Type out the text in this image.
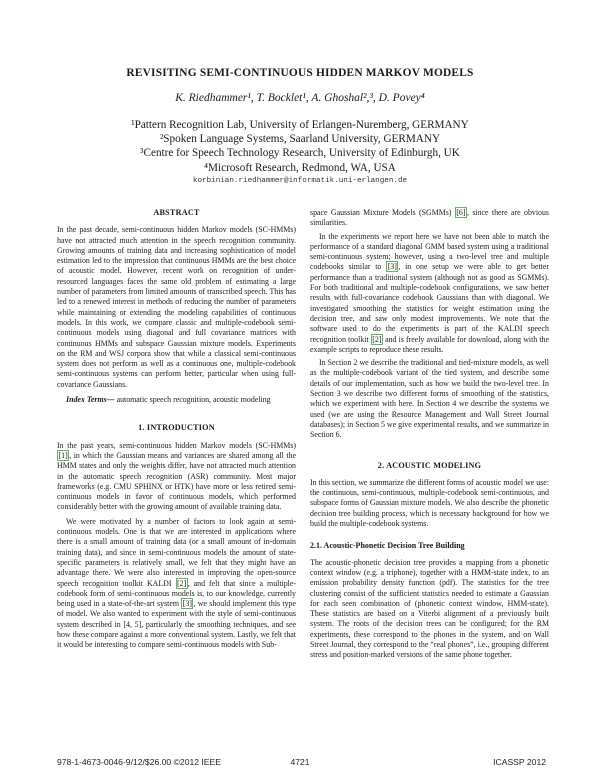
REVISITING SEMI-CONTINUOUS HIDDEN MARKOV MODELS
K. Riedhammer¹, T. Bocklet¹, A. Ghoshal²,³, D. Povey⁴
¹Pattern Recognition Lab, University of Erlangen-Nuremberg, GERMANY
²Spoken Language Systems, Saarland University, GERMANY
³Centre for Speech Technology Research, University of Edinburgh, UK
⁴Microsoft Research, Redmond, WA, USA
korbinian.riedhammer@informatik.uni-erlangen.de
ABSTRACT

In the past decade, semi-continuous hidden Markov models (SC-HMMs) have not attracted much attention in the speech recognition community. Growing amounts of training data and increasing sophistication of model estimation led to the impression that continuous HMMs are the best choice of acoustic model. However, recent work on recognition of under-resourced languages faces the same old problem of estimating a large number of parameters from limited amounts of transcribed speech. This has led to a renewed interest in methods of reducing the number of parameters while maintaining or extending the modeling capabilities of continuous models. In this work, we compare classic and multiple-codebook semi-continuous models using diagonal and full covariance matrices with continuous HMMs and subspace Gaussian mixture models. Experiments on the RM and WSJ corpora show that while a classical semi-continuous system does not perform as well as a continuous one, multiple-codebook semi-continuous systems can perform better, particular when using full-covariance Gaussians.

Index Terms— automatic speech recognition, acoustic modeling

1. INTRODUCTION

In the past years, semi-continuous hidden Markov models (SC-HMMs) [1] , in which the Gaussian means and variances are shared among all the HMM states and only the weights differ, have not attracted much attention in the automatic speech recognition (ASR) community. Most major frameworks (e.g. CMU SPHINX or HTK) have more or less retired semi-continuous models in favor of continuous models, which performed considerably better with the growing amount of available training data.

We were motivated by a number of factors to look again at semi-continuous models. One is that we are interested in applications where there is a small amount of training data (or a small amount of in-domain training data), and since in semi-continuous models the amount of state-specific parameters is relatively small, we felt that they might have an advantage there. We were also interested in improving the open-source speech recognition toolkit KALDI [2] , and felt that since a multiple-codebook form of semi-continuous models is, to our knowledge, currently being used in a state-of-the-art system [3] , we should implement this type of model. We also wanted to experiment with the style of semi-continuous system described in [4, 5], particularly the smoothing techniques, and see how these compare against a more conventional system. Lastly, we felt that it would be interesting to compare semi-continuous models with Sub-

space Gaussian Mixture Models (SGMMs) [6] , since there are obvious similarities.

In the experiments we report here we have not been able to match the performance of a standard diagonal GMM based system using a traditional semi-continuous system; however, using a two-level tree and multiple codebooks similar to [3] , in one setup we were able to get better performance than a traditional system (although not as good as SGMMs). For both traditional and multiple-codebook configurations, we saw better results with full-covariance codebook Gaussians than with diagonal. We investigated smoothing the statistics for weight estimation using the decision tree, and saw only modest improvements. We note that the software used to do the experiments is part of the KALDI speech recognition toolkit [2] and is freely available for download, along with the example scripts to reproduce these results.

In Section 2 we describe the traditional and tied-mixture models, as well as the multiple-codebook variant of the tied system, and describe some details of our implementation, such as how we build the two-level tree. In Section 3 we describe two different forms of smoothing of the statistics, which we experiment with here. In Section 4 we describe the systems we used (we are using the Resource Management and Wall Street Journal databases); in Section 5 we give experimental results, and we summarize in Section 6.

2. ACOUSTIC MODELING

In this section, we summarize the different forms of acoustic model we use: the continuous, semi-continuous, multiple-codebook semi-continuous, and subspace forms of Gaussian mixture models. We also describe the phonetic decision tree building process, which is necessary background for how we build the multiple-codebook systems.

2.1. Acoustic-Phonetic Decision Tree Building

The acoustic-phonetic decision tree provides a mapping from a phonetic context window (e.g. a triphone), together with a HMM-state index, to an emission probability density function (pdf). The statistics for the tree clustering consist of the sufficient statistics needed to estimate a Gaussian for each seen combination of (phonetic context window, HMM-state). These statistics are based on a Viterbi alignment of a previously built system. The roots of the decision trees can be configured; for the RM experiments, these correspond to the phones in the system, and on Wall Street Journal, they correspond to the “real phones”, i.e., grouping different stress and position-marked versions of the same phone together.

978-1-4673-0046-9/12/$26.00 ©2012 IEEE	4721	ICASSP 2012
